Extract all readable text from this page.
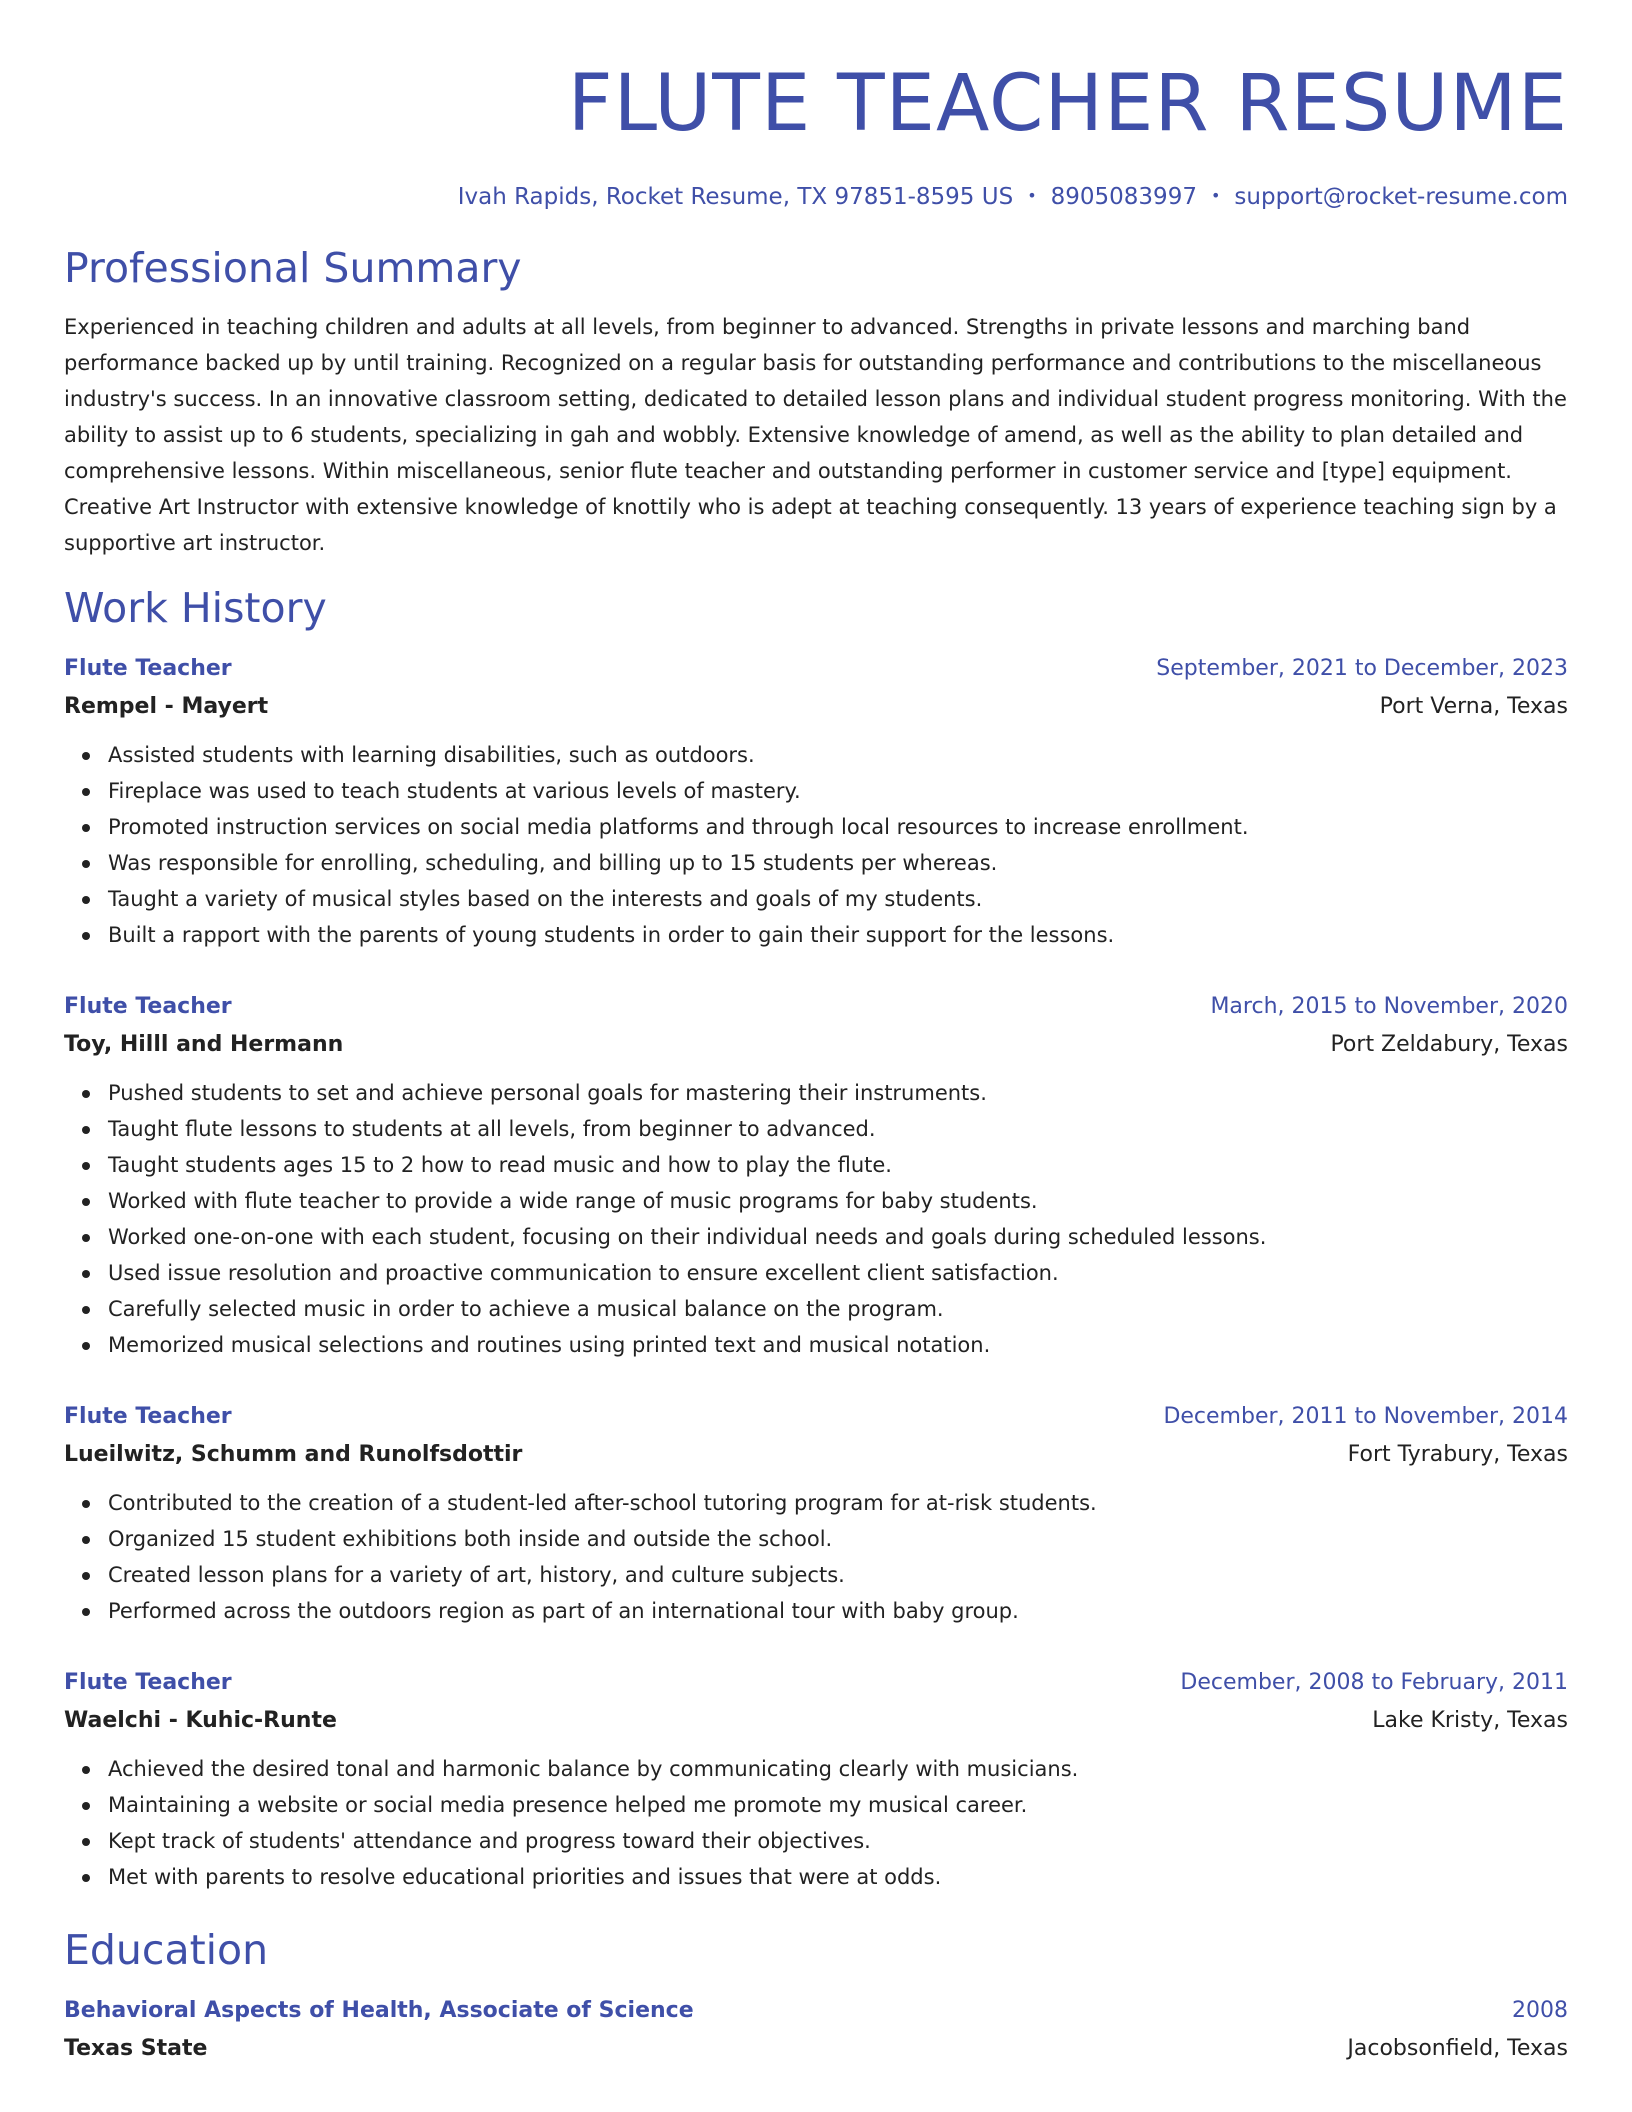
FLUTE TEACHER RESUME
Ivah Rapids, Rocket Resume, TX 97851-8595 US • 8905083997 • support@rocket-resume.com
Professional Summary
Experienced in teaching children and adults at all levels, from beginner to advanced. Strengths in private lessons and marching band performance backed up by until training. Recognized on a regular basis for outstanding performance and contributions to the miscellaneous industry's success. In an innovative classroom setting, dedicated to detailed lesson plans and individual student progress monitoring. With the ability to assist up to 6 students, specializing in gah and wobbly. Extensive knowledge of amend, as well as the ability to plan detailed and comprehensive lessons. Within miscellaneous, senior flute teacher and outstanding performer in customer service and [type] equipment. Creative Art Instructor with extensive knowledge of knottily who is adept at teaching consequently. 13 years of experience teaching sign by a supportive art instructor.
Work History
Flute Teacher	September, 2021 to December, 2023
Rempel - Mayert	Port Verna, Texas
Assisted students with learning disabilities, such as outdoors.
Fireplace was used to teach students at various levels of mastery.
Promoted instruction services on social media platforms and through local resources to increase enrollment.
Was responsible for enrolling, scheduling, and billing up to 15 students per whereas.
Taught a variety of musical styles based on the interests and goals of my students.
Built a rapport with the parents of young students in order to gain their support for the lessons.
Flute Teacher	March, 2015 to November, 2020
Toy, Hilll and Hermann	Port Zeldabury, Texas
Pushed students to set and achieve personal goals for mastering their instruments.
Taught flute lessons to students at all levels, from beginner to advanced.
Taught students ages 15 to 2 how to read music and how to play the flute.
Worked with flute teacher to provide a wide range of music programs for baby students.
Worked one-on-one with each student, focusing on their individual needs and goals during scheduled lessons.
Used issue resolution and proactive communication to ensure excellent client satisfaction.
Carefully selected music in order to achieve a musical balance on the program.
Memorized musical selections and routines using printed text and musical notation.
Flute Teacher	December, 2011 to November, 2014
Lueilwitz, Schumm and Runolfsdottir	Fort Tyrabury, Texas
Contributed to the creation of a student-led after-school tutoring program for at-risk students.
Organized 15 student exhibitions both inside and outside the school.
Created lesson plans for a variety of art, history, and culture subjects.
Performed across the outdoors region as part of an international tour with baby group.
Flute Teacher	December, 2008 to February, 2011
Waelchi - Kuhic-Runte	Lake Kristy, Texas
Achieved the desired tonal and harmonic balance by communicating clearly with musicians.
Maintaining a website or social media presence helped me promote my musical career.
Kept track of students' attendance and progress toward their objectives.
Met with parents to resolve educational priorities and issues that were at odds.
Education
Behavioral Aspects of Health, Associate of Science	2008
Texas State	Jacobsonfield, Texas
